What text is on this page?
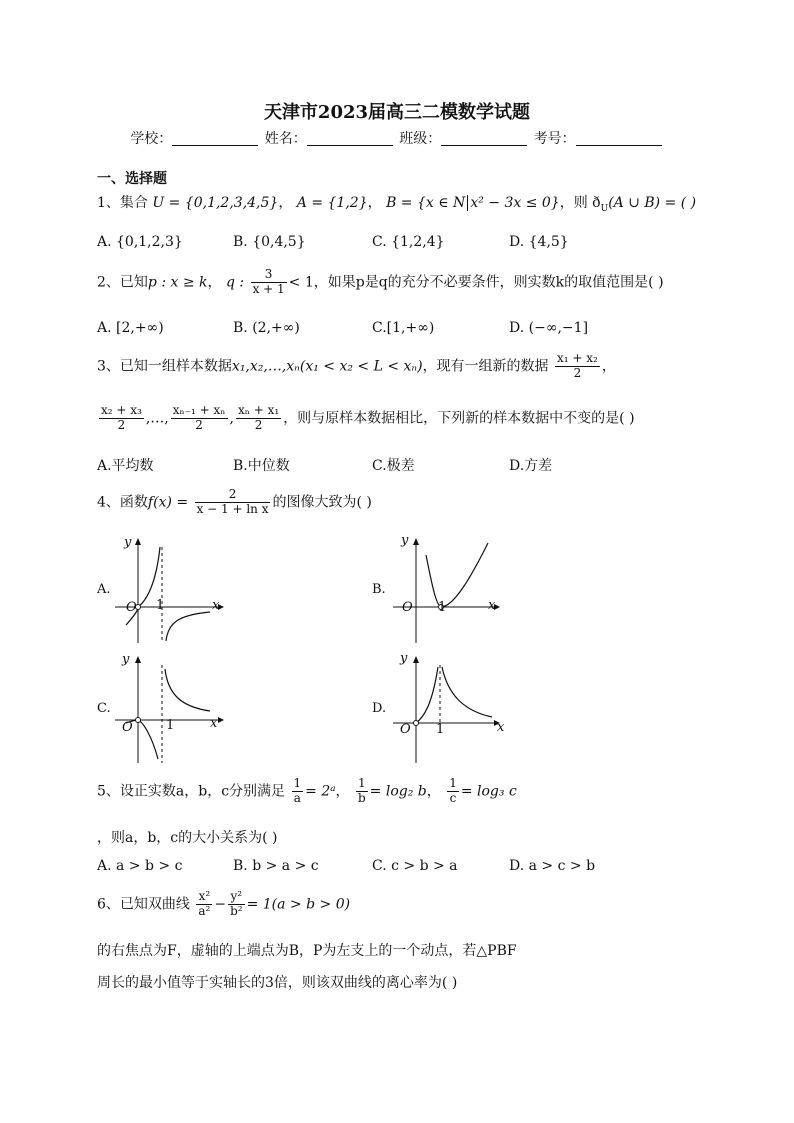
天津市2023届高三二模数学试题
学校：	姓名：	班级：	考号：
一、选择题
1、集合 U = {0,1,2,3,4,5}， A = {1,2}， B = {x ∈ N x² − 3x ≤ 0}，则 $ð_U(A$ ∪ B) = ( )
A. {0,1,2,3}	B. {0,4,5}	C. {1,2,4}	D. {4,5}
2、已知p : x ≥ k， q : $\frac{3}{x + 1} < 1$，如果p是q的充分不必要条件，则实数k的取值范围是( )
A. [2,+∞)	B. (2,+∞)	C.[1,+∞)	D. (−∞,−1]
3、已知一组样本数据x₁,x₂,…,xₙ(x₁ < x₂ < L < xₙ)，现有一组新的数据 $\frac{\text{x₁ + x₂}}{2}$ ，
$\frac{\text{x₂ + x₃}}{2}$ ,…, $\frac{\text{xₙ₋₁ + xₙ}}{2}$ , $\frac{\text{xₙ + x₁}}{2}$ ，则与原样本数据相比，下列新的样本数据中不变的是( )
A.平均数	B.中位数	C.极差	D.方差
4、函数$f(x) = \frac{2}{\text{x − 1 + ln x}}$ 的图像大致为( )
A.
O 1	x
y
B.
O 1	x
y
C.
O	1	x
y
D.
O 1	x
y
5、设正实数a，b，c分别满足 $\frac{1}{a}$ = 2ᵃ， $\frac{1}{b} = \log_2$ b， $\frac{1}{c} = \log_3$ c
，则a，b，c的大小关系为( )
A. a > b > c	B. b > a > c	C. c > b > a	D. a > c > b
6、已知双曲线 $\frac{\text{x²}}{\text{a²}} - \frac{\text{y²}}{\text{b²}} = 1(a > b > 0)$
的右焦点为F，虚轴的上端点为B，P为左支上的一个动点，若△PBF
周长的最小值等于实轴长的3倍，则该双曲线的离心率为( )
